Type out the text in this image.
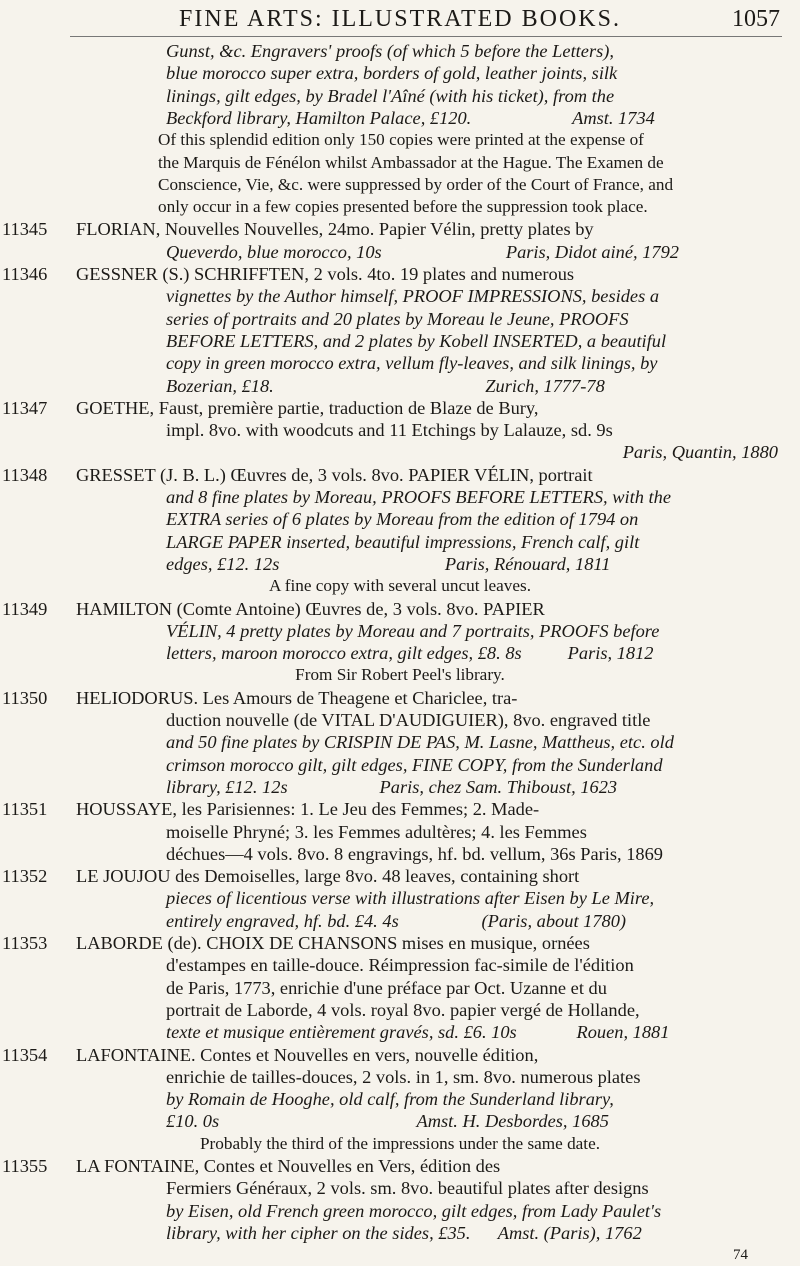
FINE ARTS: ILLUSTRATED BOOKS.	1057
Gunst, &c. Engravers' proofs (of which 5 before the Letters),
blue morocco super extra, borders of gold, leather joints, silk
linings, gilt edges, by Bradel l'Aîné (with his ticket), from the
Beckford library, Hamilton Palace, £120.                      Amst. 1734
Of this splendid edition only 150 copies were printed at the expense of
the Marquis de Fénélon whilst Ambassador at the Hague. The Examen de
Conscience, Vie, &c. were suppressed by order of the Court of France, and
only occur in a few copies presented before the suppression took place.
11345 FLORIAN, Nouvelles Nouvelles, 24mo. Papier Vélin, pretty plates by
Queverdo, blue morocco, 10s                           Paris, Didot ainé, 1792
11346 GESSNER (S.) SCHRIFFTEN, 2 vols. 4to. 19 plates and numerous
vignettes by the Author himself, PROOF IMPRESSIONS, besides a
series of portraits and 20 plates by Moreau le Jeune, PROOFS
BEFORE LETTERS, and 2 plates by Kobell INSERTED, a beautiful
copy in green morocco extra, vellum fly-leaves, and silk linings, by
Bozerian, £18.                                              Zurich, 1777-78
11347 GOETHE, Faust, première partie, traduction de Blaze de Bury,
impl. 8vo. with woodcuts and 11 Etchings by Lalauze, sd. 9s
Paris, Quantin, 1880
11348 GRESSET (J. B. L.) Œuvres de, 3 vols. 8vo. PAPIER VÉLIN, portrait
and 8 fine plates by Moreau, PROOFS BEFORE LETTERS, with the
EXTRA series of 6 plates by Moreau from the edition of 1794 on
LARGE PAPER inserted, beautiful impressions, French calf, gilt
edges, £12. 12s                                    Paris, Rénouard, 1811
A fine copy with several uncut leaves.
11349 HAMILTON (Comte Antoine) Œuvres de, 3 vols. 8vo. PAPIER
VÉLIN, 4 pretty plates by Moreau and 7 portraits, PROOFS before
letters, maroon morocco extra, gilt edges, £8. 8s          Paris, 1812
From Sir Robert Peel's library.
11350 HELIODORUS. Les Amours de Theagene et Chariclee, tra-
duction nouvelle (de VITAL D'AUDIGUIER), 8vo. engraved title
and 50 fine plates by CRISPIN DE PAS, M. Lasne, Mattheus, etc. old
crimson morocco gilt, gilt edges, FINE COPY, from the Sunderland
library, £12. 12s                    Paris, chez Sam. Thiboust, 1623
11351 HOUSSAYE, les Parisiennes: 1. Le Jeu des Femmes; 2. Made-
moiselle Phryné; 3. les Femmes adultères; 4. les Femmes
déchues—4 vols. 8vo. 8 engravings, hf. bd. vellum, 36s Paris, 1869
11352 LE JOUJOU des Demoiselles, large 8vo. 48 leaves, containing short
pieces of licentious verse with illustrations after Eisen by Le Mire,
entirely engraved, hf. bd. £4. 4s                  (Paris, about 1780)
11353 LABORDE (de). CHOIX DE CHANSONS mises en musique, ornées
d'estampes en taille-douce. Réimpression fac-simile de l'édition
de Paris, 1773, enrichie d'une préface par Oct. Uzanne et du
portrait de Laborde, 4 vols. royal 8vo. papier vergé de Hollande,
texte et musique entièrement gravés, sd. £6. 10s             Rouen, 1881
11354 LAFONTAINE. Contes et Nouvelles en vers, nouvelle édition,
enrichie de tailles-douces, 2 vols. in 1, sm. 8vo. numerous plates
by Romain de Hooghe, old calf, from the Sunderland library,
£10. 0s                                           Amst. H. Desbordes, 1685
Probably the third of the impressions under the same date.
11355 LA FONTAINE, Contes et Nouvelles en Vers, édition des
Fermiers Généraux, 2 vols. sm. 8vo. beautiful plates after designs
by Eisen, old French green morocco, gilt edges, from Lady Paulet's
library, with her cipher on the sides, £35.      Amst. (Paris), 1762
74
